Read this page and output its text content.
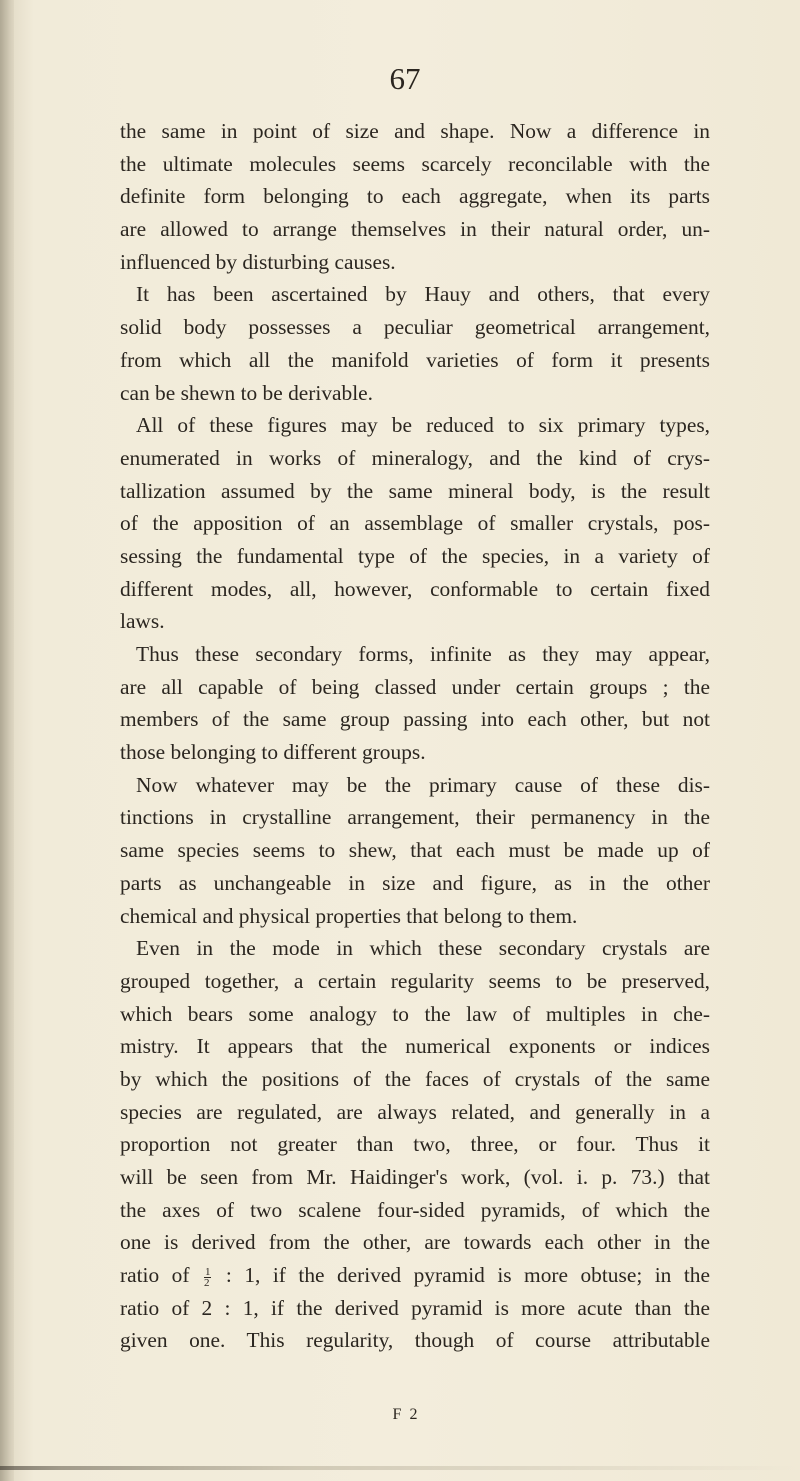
67
the same in point of size and shape. Now a difference in
the ultimate molecules seems scarcely reconcilable with the
definite form belonging to each aggregate, when its parts
are allowed to arrange themselves in their natural order, un-
influenced by disturbing causes.
It has been ascertained by Hauy and others, that every
solid body possesses a peculiar geometrical arrangement,
from which all the manifold varieties of form it presents
can be shewn to be derivable.
All of these figures may be reduced to six primary types,
enumerated in works of mineralogy, and the kind of crys-
tallization assumed by the same mineral body, is the result
of the apposition of an assemblage of smaller crystals, pos-
sessing the fundamental type of the species, in a variety of
different modes, all, however, conformable to certain fixed
laws.
Thus these secondary forms, infinite as they may appear,
are all capable of being classed under certain groups ; the
members of the same group passing into each other, but not
those belonging to different groups.
Now whatever may be the primary cause of these dis-
tinctions in crystalline arrangement, their permanency in the
same species seems to shew, that each must be made up of
parts as unchangeable in size and figure, as in the other
chemical and physical properties that belong to them.
Even in the mode in which these secondary crystals are
grouped together, a certain regularity seems to be preserved,
which bears some analogy to the law of multiples in che-
mistry. It appears that the numerical exponents or indices
by which the positions of the faces of crystals of the same
species are regulated, are always related, and generally in a
proportion not greater than two, three, or four. Thus it
will be seen from Mr. Haidinger's work, (vol. i. p. 73.) that
the axes of two scalene four-sided pyramids, of which the
one is derived from the other, are towards each other in the
ratio of $\frac{1}{2}$ : 1, if the derived pyramid is more obtuse; in the
ratio of 2 : 1, if the derived pyramid is more acute than the
given one. This regularity, though of course attributable
F 2
